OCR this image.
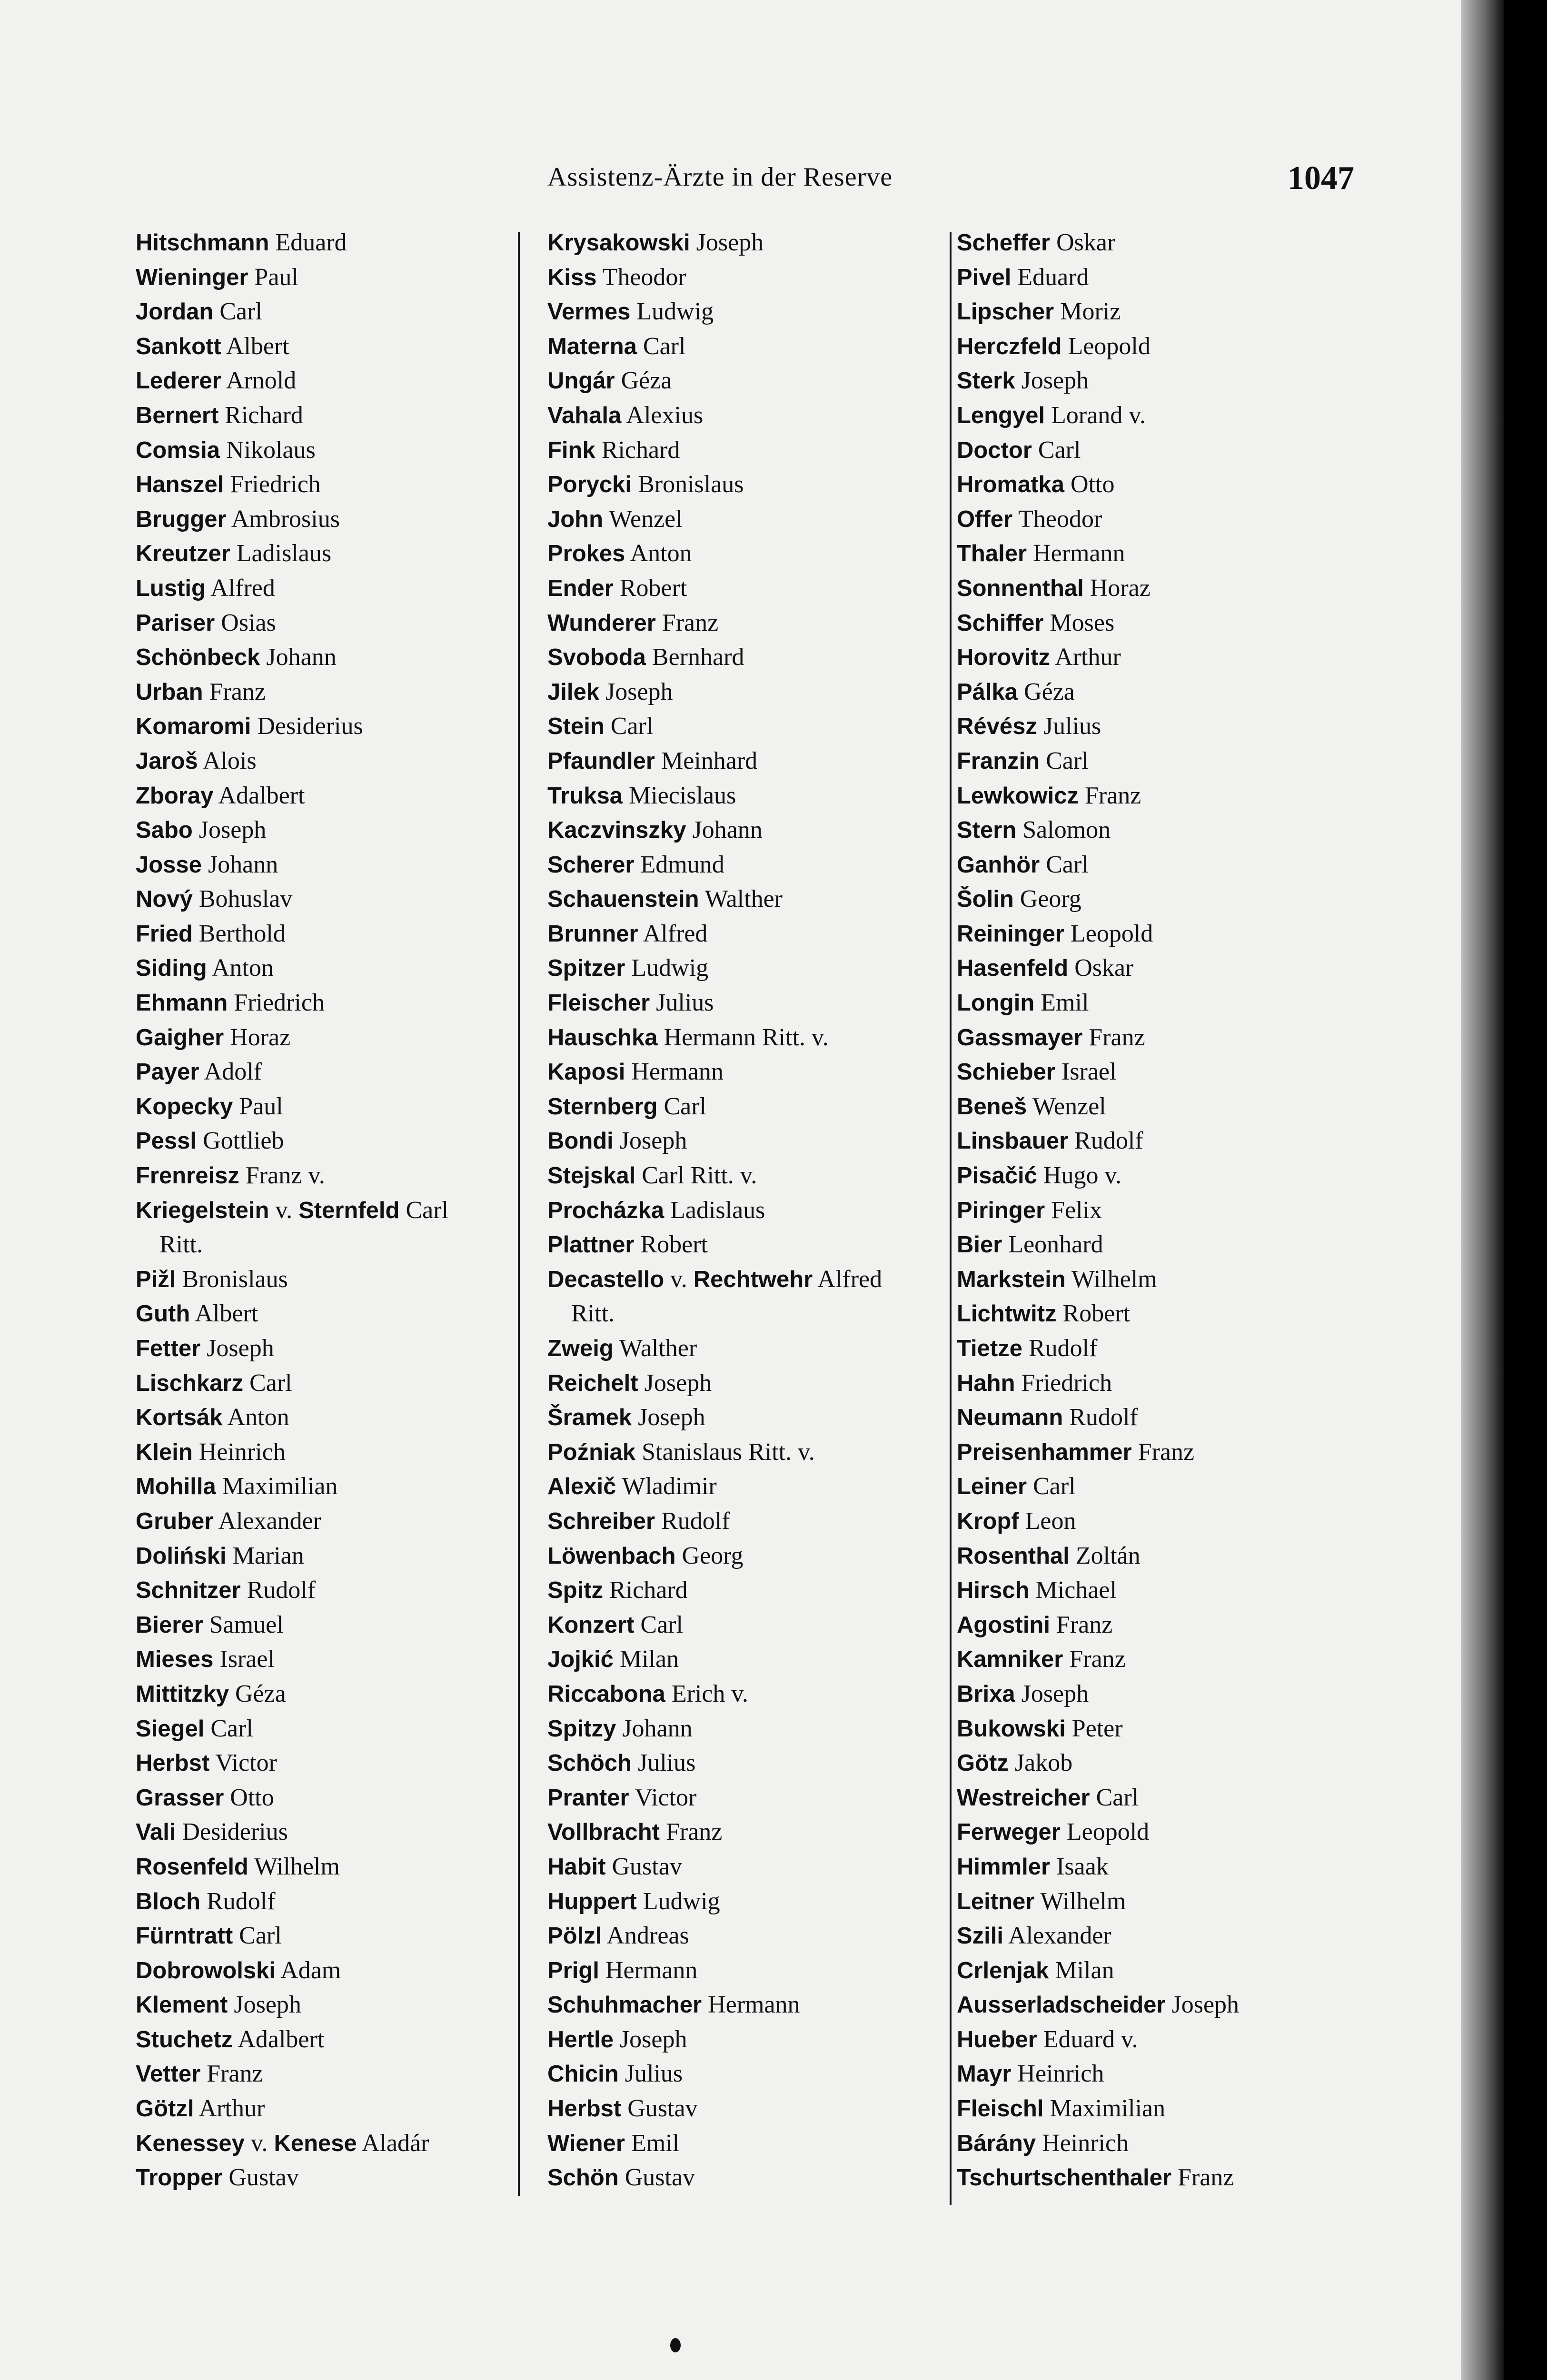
Assistenz-Ärzte in der Reserve	1047
Hitschmann Eduard
Wieninger Paul
Jordan Carl
Sankott Albert
Lederer Arnold
Bernert Richard
Comsia Nikolaus
Hanszel Friedrich
Brugger Ambrosius
Kreutzer Ladislaus
Lustig Alfred
Pariser Osias
Schönbeck Johann
Urban Franz
Komaromi Desiderius
Jaroš Alois
Zboray Adalbert
Sabo Joseph
Josse Johann
Nový Bohuslav
Fried Berthold
Siding Anton
Ehmann Friedrich
Gaigher Horaz
Payer Adolf
Kopecky Paul
Pessl Gottlieb
Frenreisz Franz v.
Kriegelstein v. Sternfeld Carl
Ritt.
Pižl Bronislaus
Guth Albert
Fetter Joseph
Lischkarz Carl
Kortsák Anton
Klein Heinrich
Mohilla Maximilian
Gruber Alexander
Doliński Marian
Schnitzer Rudolf
Bierer Samuel
Mieses Israel
Mittitzky Géza
Siegel Carl
Herbst Victor
Grasser Otto
Vali Desiderius
Rosenfeld Wilhelm
Bloch Rudolf
Fürntratt Carl
Dobrowolski Adam
Klement Joseph
Stuchetz Adalbert
Vetter Franz
Götzl Arthur
Kenessey v. Kenese Aladár
Tropper Gustav
Krysakowski Joseph
Kiss Theodor
Vermes Ludwig
Materna Carl
Ungár Géza
Vahala Alexius
Fink Richard
Porycki Bronislaus
John Wenzel
Prokes Anton
Ender Robert
Wunderer Franz
Svoboda Bernhard
Jilek Joseph
Stein Carl
Pfaundler Meinhard
Truksa Miecislaus
Kaczvinszky Johann
Scherer Edmund
Schauenstein Walther
Brunner Alfred
Spitzer Ludwig
Fleischer Julius
Hauschka Hermann Ritt. v.
Kaposi Hermann
Sternberg Carl
Bondi Joseph
Stejskal Carl Ritt. v.
Procházka Ladislaus
Plattner Robert
Decastello v. Rechtwehr Alfred
Ritt.
Zweig Walther
Reichelt Joseph
Šramek Joseph
Poźniak Stanislaus Ritt. v.
Alexič Wladimir
Schreiber Rudolf
Löwenbach Georg
Spitz Richard
Konzert Carl
Jojkić Milan
Riccabona Erich v.
Spitzy Johann
Schöch Julius
Pranter Victor
Vollbracht Franz
Habit Gustav
Huppert Ludwig
Pölzl Andreas
Prigl Hermann
Schuhmacher Hermann
Hertle Joseph
Chicin Julius
Herbst Gustav
Wiener Emil
Schön Gustav
Scheffer Oskar
Pivel Eduard
Lipscher Moriz
Herczfeld Leopold
Sterk Joseph
Lengyel Lorand v.
Doctor Carl
Hromatka Otto
Offer Theodor
Thaler Hermann
Sonnenthal Horaz
Schiffer Moses
Horovitz Arthur
Pálka Géza
Révész Julius
Franzin Carl
Lewkowicz Franz
Stern Salomon
Ganhör Carl
Šolin Georg
Reininger Leopold
Hasenfeld Oskar
Longin Emil
Gassmayer Franz
Schieber Israel
Beneš Wenzel
Linsbauer Rudolf
Pisačić Hugo v.
Piringer Felix
Bier Leonhard
Markstein Wilhelm
Lichtwitz Robert
Tietze Rudolf
Hahn Friedrich
Neumann Rudolf
Preisenhammer Franz
Leiner Carl
Kropf Leon
Rosenthal Zoltán
Hirsch Michael
Agostini Franz
Kamniker Franz
Brixa Joseph
Bukowski Peter
Götz Jakob
Westreicher Carl
Ferweger Leopold
Himmler Isaak
Leitner Wilhelm
Szili Alexander
Crlenjak Milan
Ausserladscheider Joseph
Hueber Eduard v.
Mayr Heinrich
Fleischl Maximilian
Bárány Heinrich
Tschurtschenthaler Franz
